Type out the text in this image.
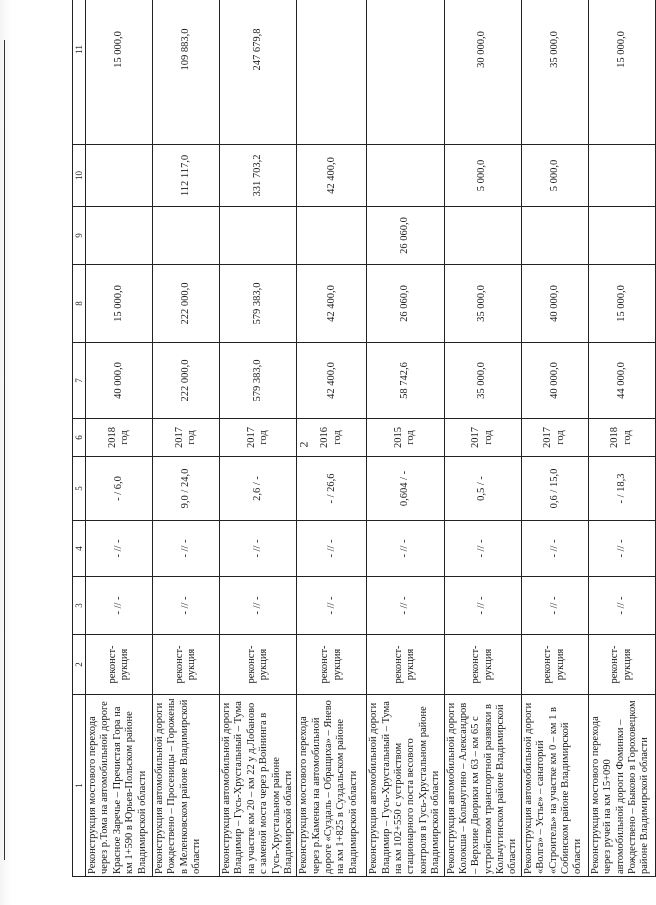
2
1	2	3	4	5	6	7	8	9	10	11
Реконструкция мостового перехода через р.Тома на автомобильной дороге Красное Заречье – Пречистая Гора на км 1+590 в Юрьев-Польском районе Владимирской области	реконст-рукция	- // -	- // -	- / 6,0	2018 год	40 000,0	15 000,0			15 000,0
Реконструкция автомобильной дороги Рождествено – Просеницы – Горожены в Меленковском районе Владимирской области	реконст-рукция	- // -	- // -	9,0 / 24,0	2017 год	222 000,0	222 000,0		112 117,0	109 883,0
Реконструкция автомобильной дороги Владимир – Гусь-Хрустальный – Тума на участке км 20 – км 22 у д.Лобаново с заменой моста через р.Войнинга в Гусь-Хрустальном районе Владимирской области	реконст-рукция	- // -	- // -	2,6 / -	2017 год	579 383,0	579 383,0		331 703,2	247 679,8
Реконструкция мостового перехода через р.Каменка на автомобильной дороге «Суздаль – Обращиха» – Янево на км 1+825 в Суздальском районе Владимирской области	реконст-рукция	- // -	- // -	- / 26,6	2016 год	42 400,0	42 400,0		42 400,0	
Реконструкция автомобильной дороги Владимир – Гусь-Хрустальный – Тума на км 102+550 с устройством стационарного поста весового контроля в Гусь-Хрустальном районе Владимирской области	реконст-рукция	- // -	- // -	0,604 / -	2015 год	58 742,6	26 060,0	26 060,0		
Реконструкция автомобильной дороги Колокша – Кольчугино – Александров – Верхние Дворики км 63 – км 65 с устройством транспортной развязки в Кольчугинском районе Владимирской области	реконст-рукция	- // -	- // -	0,5 / -	2017 год	35 000,0	35 000,0		5 000,0	30 000,0
Реконструкция автомобильной дороги «Волга» – Устье» – санаторий «Строитель» на участке км 0 – км 1 в Собинском районе Владимирской области	реконст-рукция	- // -	- // -	0,6 / 15,0	2017 год	40 000,0	40 000,0		5 000,0	35 000,0
Реконструкция мостового перехода через ручей на км 15+090 автомобильной дороги Фоминки – Рождествено – Быково в Гороховецком районе Владимирской области	реконст-рукция	- // -	- // -	- / 18,3	2018 год	44 000,0	15 000,0			15 000,0
